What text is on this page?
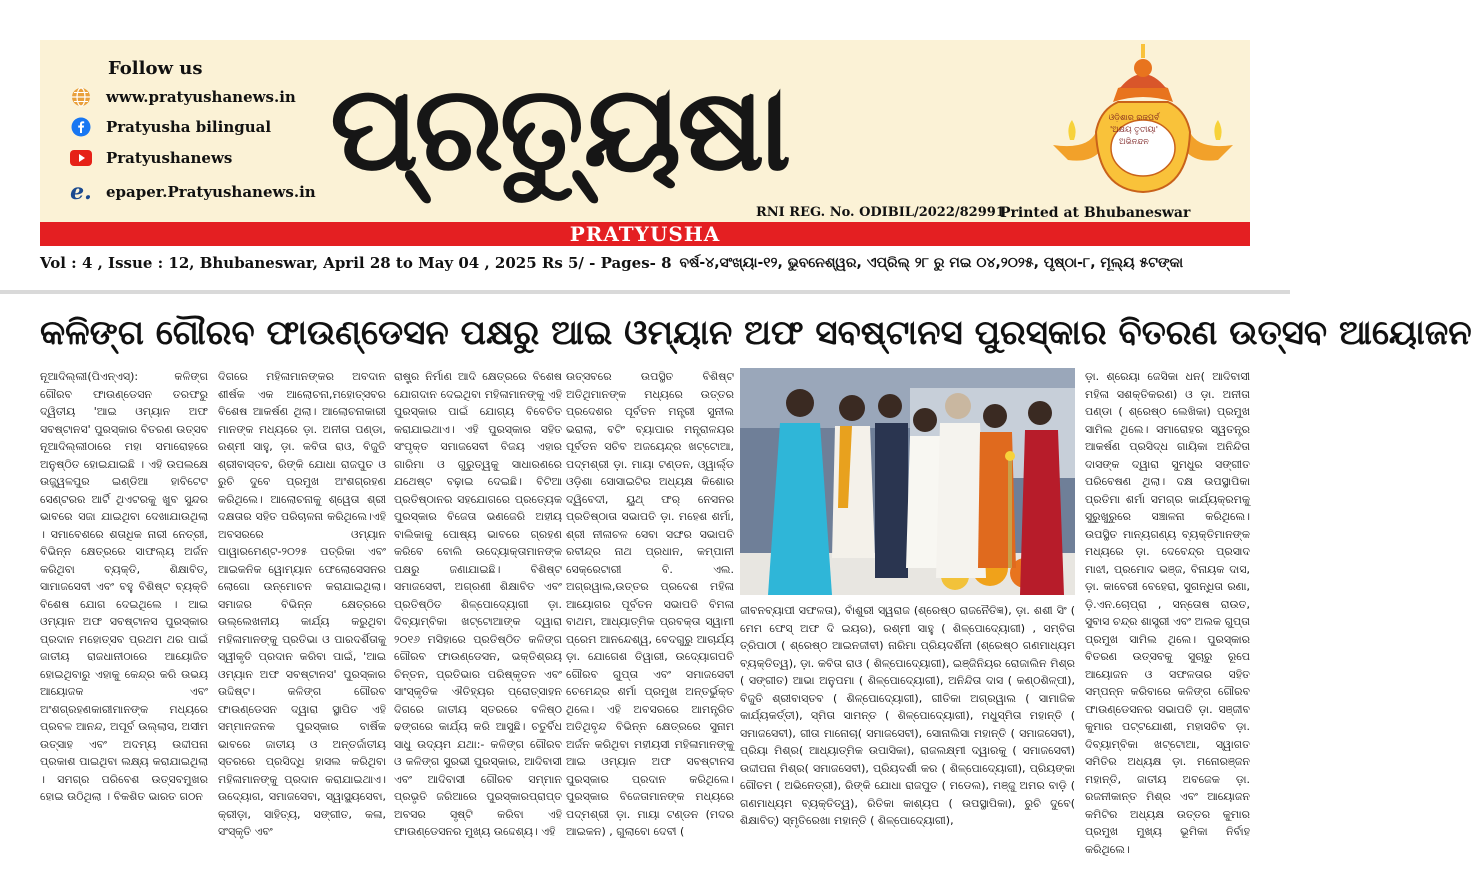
Follow us
www.pratyushanews.in
Pratyusha bilingual
Pratyushanews
e. epaper.Pratyushanews.in ପ୍ରତ୍ୟୁଷା	ଓଡ଼ିଶାର ରଜପର୍ବ 'ଅକ୍ଷୟ ତୃତୀୟା' ଅଭିନନ୍ଦନ
PRATYUSHA
RNI REG. No. ODIBIL/2022/82991
Printed at Bhubaneswar
Vol : 4 , Issue : 12, Bhubaneswar, April 28 to May 04 , 2025 Rs 5/ - Pages- 8 ବର୍ଷ-୪,ସଂଖ୍ୟା-୧୨, ଭୁବନେଶ୍ୱର, ଏପ୍ରିଲ୍ ୨୮ ରୁ ମଇ ୦୪,୨୦୨୫, ପୃଷ୍ଠା-୮, ମୂଲ୍ୟ ୫ଟଙ୍କା
କଳିଙ୍ଗ ଗୌରବ ଫାଉଣ୍ଡେସନ ପକ୍ଷରୁ ଆଇ ଓମ୍ୟାନ ଅଫ ସବଷ୍ଟାନସ ପୁରସ୍କାର ବିତରଣ ଉତ୍ସବ ଆୟୋଜନ
ନୂଆଦିଲ୍ଲୀ(ପିଏନ୍ଏସ୍): କଳିଙ୍ଗ ଗୌରବ ଫାଉଣ୍ଡେସନ ତରଫରୁ ଦ୍ୱିତୀୟ 'ଆଇ ଓମ୍ୟାନ ଅଫ ସବଷ୍ଟାନସ' ପୁରସ୍କାର ବିତରଣ ଉତ୍ସବ ନୂଆଦିଲ୍ଲୀଠାରେ ମହା ସମାରୋହରେ ଅନୁଷ୍ଠିତ ହୋଇଯାଇଛି । ଏହି ଉପଲକ୍ଷେ ଉଜ୍ଜ୍ୱଳପୁର ଇଣ୍ଡିଆ ହାବିଟେଟ ସେଣ୍ଟରର ଆର୍ଟି ଥିଏଟରକୁ ଖୁବ ସୁନ୍ଦର ଭାବରେ ସଜା ଯାଇଥିବା ଦେଖାଯାଉଥିଲା । ସମାବେଶରେ ଶତାଧିକ ନାରୀ ନେତ୍ରୀ, ବିଭିନ୍ନ କ୍ଷେତ୍ରରେ ସାଫଲ୍ୟ ଅର୍ଜନ କରିଥିବା ବ୍ୟକ୍ତି, ଶିକ୍ଷାବିତ୍, ସାମାଜସେବୀ ଏବଂ ବହୁ ବିଶିଷ୍ଟ ବ୍ୟକ୍ତି ବିଶେଷ ଯୋଗ ଦେଇଥିଲେ । ଆଇ ଓମ୍ୟାନ ଅଫ ସବଷ୍ଟାନସ ପୁରସ୍କାର ପ୍ରଦାନ ମହୋତ୍ସବ ପ୍ରଥମ ଥର ପାଇଁ ଜାତୀୟ ରାଜଧାନୀଠାରେ ଆୟୋଜିତ ହୋଇଥିବାରୁ ଏହାକୁ କେନ୍ଦ୍ର କରି ଉଭୟ ଆୟୋଜକ ଏବଂ ଅଂଶଗ୍ରହଣକାରୀମାନଙ୍କ ମଧ୍ୟରେ ପ୍ରବଳ ଆନନ୍ଦ, ଅପୂର୍ବ ଉଲ୍ଲାସ, ଅସୀମ ଉତ୍ସାହ ଏବଂ ଅଦମ୍ୟ ଉଦ୍ଦୀପନା ପ୍ରକାଶ ପାଇଥିବା ଲକ୍ଷ୍ୟ କରାଯାଇଥିଲା । ସମଗ୍ର ପରିବେଶ ଉତ୍ସବମୁଖର ହୋଇ ଉଠିଥିଲା । ବିକଶିତ ଭାରତ ଗଠନ
ଦିଗରେ ମହିଳାମାନଙ୍କର ଅବଦାନ ଶୀର୍ଷକ ଏକ ଆଲୋଚନା,ମହୋତ୍ସବର ବିଶେଷ ଆକର୍ଷଣ ଥିଲା। ଆଲୋଚନାକାରୀ ମାନଙ୍କ ମଧ୍ୟରେ ଡ଼ା. ଅନୀତା ପଣ୍ଡା, ରଶ୍ମୀ ସାହୁ, ଡ଼ା. କବିତା ରାଓ, ବିଜୁତି ଶ୍ରୀବାସ୍ତବ, ରିଙ୍କି ଯୋଧା ରାଜପୁତ ଓ ରୁଚି ଦୁବେ ପ୍ରମୁଖ ଅଂଶଗ୍ରହଣ କରିଥିଲେ। ଆଲୋଚନାକୁ ଶ୍ୱେତା ଶ୍ରୀ ଦକ୍ଷତାର ସହିତ ପରିଚାଳନା କରିଥିଲେ।ଏହି ଅବସରରେ ଓମ୍ୟାନ ପାୱାରମେଣ୍ଟ-୨୦୨୫ ପତ୍ରିକା ଏବଂ ଆଇକନିକ ୱୋମ୍ୟାନ ଫେଲୋସେସନର ଲୋଗୋ ଉନ୍ମୋଚନ କରାଯାଇଥିଲା। ସମାଜର ବିଭିନ୍ନ କ୍ଷେତ୍ରରେ ଉଲ୍ଲେଖନୀୟ କାର୍ଯ୍ୟ କରୁଥିବା ମହିଳାମାନଙ୍କୁ ପ୍ରତିଭା ଓ ପାରଦର୍ଶିତାକୁ ସ୍ୱୀକୃତି ପ୍ରଦାନ କରିବା ପାଇଁ, 'ଆଇ ଓମ୍ୟାନ ଅଫ ସବଷ୍ଟାନସ' ପୁରସ୍କାର ଉଦ୍ଦିଷ୍ଟ। କଳିଙ୍ଗ ଗୌରବ ଫାଉଣ୍ଡେସନ ଦ୍ୱାରା ସ୍ଥାପିତ ଏହି ସମ୍ମାନଜନକ ପୁରସ୍କାର ବାର୍ଷିକ ଭାବରେ ଜାତୀୟ ଓ ଅନ୍ତର୍ଜାତୀୟ ସ୍ତରରେ ପ୍ରସିଦ୍ଧି ହାସଲ କରିଥିବା ମହିଳାମାନଙ୍କୁ ପ୍ରଦାନ କରାଯାଇଥାଏ। ଉଦ୍ୟୋଗ, ସମାଜସେବା, ସ୍ୱାସ୍ଥ୍ୟସେବା, କ୍ରୀଡ଼ା, ସାହିତ୍ୟ, ସଙ୍ଗୀତ, କଳା, ସଂସ୍କୃତି ଏବଂ
ରାଷ୍ଟ୍ର ନିର୍ମାଣ ଆଦି କ୍ଷେତ୍ରରେ ବିଶେଷ ଯୋଗଦାନ ଦେଇଥିବା ମହିଳାମାନଙ୍କୁ ଏହି ପୁରସ୍କାର ପାଇଁ ଯୋଗ୍ୟ ବିବେଚିତ କରାଯାଇଥାଏ। ଏହି ପୁରସ୍କାର ସହିତ ସଂପୃକ୍ତ ସମାଜସେବୀ ବିଜୟ ଏହାର ଗାରିମା ଓ ଗୁରୁତ୍ୱକୁ ସାଧାରଣରେ ଯଥେଷ୍ଟ ବଢ଼ାଇ ଦେଇଛି। ବିଟିଆ ପ୍ରତିଷ୍ଠାନର ସହଯୋଗରେ ପ୍ରତ୍ୟେକ ପୁରସ୍କାର ବିଜେତା ଭଣଜେରି ଅହୀୟ ବାଲିକାକୁ ପୋଷ୍ୟ ଭାବରେ ଗ୍ରହଣ କରିବେ ବୋଲି ଉଦ୍ୟୋକ୍ତାମାନଙ୍କ ପକ୍ଷରୁ ଜଣାଯାଇଛି। ବିଶିଷ୍ଟ ସମାଜସେବୀ, ଅଗ୍ରଣୀ ଶିକ୍ଷାବିତ ଏବଂ ପ୍ରତିଷ୍ଠିତ ଶିଳ୍ପୋଦ୍ୟୋଗୀ ଡ଼ା. ଦିବ୍ୟାମ୍ବିକା ଖଟ୍ଟୋଆଙ୍କ ଦ୍ୱାରା ୨୦୧୬ ମସିହାରେ ପ୍ରତିଷ୍ଠିତ କଳିଙ୍ଗ ଗୌରବ ଫାଉଣ୍ଡେସନ, ଭକ୍ତିଶ୍ରୟ ଚିନ୍ତନ, ପ୍ରତିଭାର ପରିଷ୍କୃତନ ଏବଂ ସାଂସ୍କୃତିକ ଐତିହ୍ୟର ପ୍ରୋତ୍ସାହନ ଦିଗରେ ଜାତୀୟ ସ୍ତରରେ ବଳିଷ୍ଠ ଢଙ୍ଗରେ କାର୍ଯ୍ୟ କରି ଆସୁଛି। ଚତୁର୍ବିଧ ସାଧୁ ଉଦ୍ୟମ ଯଥା:- କଳିଙ୍ଗ ଗୌରବ ଓ କଳିଙ୍ଗ ସୁରଭୀ ପୁରସ୍କାର, ଆଦିବାସୀ ଏବଂ ଆଦିବାସୀ ଗୌରବ ସମ୍ମାନ ପ୍ରଭୃତି ଜରିଆରେ ପୁରସ୍କାରପ୍ରାପ୍ତ ଅବସର ସୃଷ୍ଟି କରିବା ଏହି ଫାଉଣ୍ଡେସନର ମୁଖ୍ୟ ଉଦ୍ଦେଶ୍ୟ। ଏହି
ଉତ୍ସବରେ ଉପସ୍ଥିତ ବିଶିଷ୍ଟ ଅତିଥିମାନଙ୍କ ମଧ୍ୟରେ ଉତ୍ତର ପ୍ରଦେଶର ପୂର୍ବତନ ମନ୍ତ୍ରୀ ସୁନୀଲ ଭରାଲା, ବଟିଂ ବ୍ୟାପାର ମନ୍ତ୍ରାଳୟର ପୂର୍ବତନ ସଚିବ ଅଜୟେନ୍ଦ୍ର ଖଟ୍ଟୋଆ, ପଦ୍ମଶ୍ରୀ ଡ଼ା. ମାୟା ଟଣ୍ଡନ, ଓ୍ୱାର୍ଲ୍ଡ ଓଡ଼ିଶା ସୋସାଇଟିର ଅଧ୍ୟକ୍ଷ କିଶୋର ଦ୍ୱିବେଦୀ, ୟୁଥ୍ ଫର୍ ନେସନର ପ୍ରତିଷ୍ଠାତା ସଭାପତି ଡ଼ା. ମହେଶ ଶର୍ମା, ଶ୍ରୀ ନୀଳାଚଳ ସେବା ସଙ୍ଘର ସଭାପତି ରବୀନ୍ଦ୍ର ନାଥ ପ୍ରଧାନ, କମ୍ପାନୀ ସେକ୍ରେଟାରୀ ବି. ଏଲ. ଅଗ୍ରୱାଲ,ଉତ୍ତର ପ୍ରଦେଶ ମହିଳା ଆୟୋଗର ପୂର୍ବତନ ସଭାପତି ବିମଳା ବାଥମ, ଆଧ୍ୟାତ୍ମିକ ପ୍ରବକ୍ତା ସ୍ୱାମୀ ପ୍ରେମ ଆନନ୍ଦେଶ୍ୱ, ବେଦଗୁରୁ ଆଚାର୍ଯ୍ୟ ଡ଼ା. ଯୋଗେଶ ତିୱାରୀ, ଉଦ୍ୟୋଗପତି ଗୌରବ ଗୁପ୍ତା ଏବଂ ସମାଜସେବୀ ଚେମେନ୍ଦ୍ର ଶର୍ମା ପ୍ରମୁଖ ଅନ୍ତର୍ଭୁକ୍ତ ଥିଲେ। ଏହି ଅବସରରେ ଆମନ୍ତ୍ରିତ ଅତିଥିବୃନ୍ଦ ବିଭିନ୍ନ କ୍ଷେତ୍ରରେ ସୁନାମ ଅର୍ଜନ କରିଥିବା ମହୀୟସୀ ମହିଳାମାନଙ୍କୁ ଆଇ ଓମ୍ୟାନ ଅଫ ସବଷ୍ଟାନସ ପୁରସ୍କାର ପ୍ରଦାନ କରିଥିଲେ। ପୁରସ୍କାର ବିଜେତାମାନଙ୍କ ମଧ୍ୟରେ ପଦ୍ମଶ୍ରୀ ଡ଼ା. ମାୟା ଟଣ୍ଡନ (ମଦର ଆଇକନ) , ଗୁଲାବୋ ଦେବୀ (
ଜୀବନବ୍ୟାପୀ ସଫଳତା), ବାଁଶୁରୀ ସ୍ୱରାଜ (ଶ୍ରେଷ୍ଠ ରାଜନୈତିଜ୍ଞ), ଡ଼ା. ଶଶୀ ସିଂ ( ମେମ ଫେସ୍ ଅଫ ଦି ଇୟର), ରଶ୍ମୀ ସାହୁ ( ଶିଳ୍ପୋଦ୍ୟୋଗୀ) , ସମ୍ବିତା ତ୍ରିପାଠୀ ( ଶ୍ରେଷ୍ଠ ଆଇନଜୀବୀ) ନାରିମା ପ୍ରିୟଦର୍ଶିନୀ (ଶ୍ରେଷ୍ଠ ଗଣମାଧ୍ୟମ ବ୍ୟକ୍ତିତ୍ୱ), ଡ଼ା. କବିତା ରାଓ ( ଶିଳ୍ପୋଦ୍ୟୋଗୀ), ଇଞ୍ଜିନିୟର ରୋଜାଲିନ ମିଶ୍ର ( ସଙ୍ଗୀତ) ଆଭା ଅନୁପମା ( ଶିଳ୍ପୋଦ୍ୟୋଗୀ), ଅନିନ୍ଦିତା ଦାସ ( କଣ୍ଠଶିଳ୍ପୀ), ବିଜୁତି ଶ୍ରୀବାସ୍ତବ ( ଶିଳ୍ପୋଦ୍ୟୋଗୀ), ଗୀତିକା ଅଗ୍ରୱାଲ ( ସାମାଜିକ କାର୍ଯ୍ୟକର୍ତ୍ତୀ), ସ୍ମିତା ସାମନ୍ତ ( ଶିଳ୍ପୋଦ୍ୟୋଗୀ), ମଧୁସ୍ମିତା ମହାନ୍ତି ( ସମାଜସେବୀ), ଗୀତା ମାନୋଚା( ସମାଜସେବୀ), ସୋନାଲିସା ମହାନ୍ତି ( ସମାଜସେବୀ), ପ୍ରିୟା ମିଶ୍ର( ଆଧ୍ୟାତ୍ମିକ ଉପାସିକା), ରାଜଲକ୍ଷ୍ମୀ ଦ୍ୱାରକୁ ( ସମାଜସେବୀ) ଉଦ୍ଦୀପନା ମିଶ୍ର( ସମାଜସେବୀ), ପ୍ରିୟଦର୍ଶୀ କର ( ଶିଳ୍ପୋଦ୍ୟୋଗୀ), ପ୍ରିୟଙ୍କା ଗୌତମ ( ଅଭିନେତ୍ରୀ), ରିଙ୍କି ଯୋଧା ରାଜପୁତ ( ମଡେଲ), ମଞ୍ଜୁ ଅମର ବାଡ଼ି ( ଗଣମାଧ୍ୟମ ବ୍ୟକ୍ତିତ୍ୱ), ରିତିକା କାଶ୍ୟପ ( ଉପସ୍ଥାପିକା), ରୁଚି ଦୁବେ( ଶିକ୍ଷାବିତ୍) ସ୍ମୃତିରେଖା ମହାନ୍ତି ( ଶିଳ୍ପୋଦ୍ୟୋଗୀ),
ଡ଼ା. ଶ୍ରେୟା ଜେସିକା ଧନ( ଆଦିବାସୀ ମହିଳା ସଶକ୍ତିକରଣ) ଓ ଡ଼ା. ଅନୀତା ପଣ୍ଡା ( ଶ୍ରେଷ୍ଠ ଲେଖିକା) ପ୍ରମୁଖ ସାମିଲ ଥିଲେ। ସମାରୋହର ସ୍ୱତନ୍ତ୍ର ଆକର୍ଷଣ ପ୍ରସିଦ୍ଧ ଗାୟିକା ଅନିନ୍ଦିତା ଦାସଙ୍କ ଦ୍ୱାରା ସୁମଧୁର ସଙ୍ଗୀତ ପରିବେଷଣ ଥିଲା। ଦକ୍ଷ ଉପସ୍ଥାପିକା ପ୍ରତିମା ଶର୍ମା ସମଗ୍ର କାର୍ଯ୍ୟକ୍ରମକୁ ସୁରୁଖୁରୁରେ ସଞ୍ଚାଳନା କରିଥିଲେ। ଉପସ୍ଥିତ ମାନ୍ୟଗଣ୍ୟ ବ୍ୟକ୍ତିମାନଙ୍କ ମଧ୍ୟରେ ଡ଼ା. ଦେବେନ୍ଦ୍ର ପ୍ରସାଦ ମାଝୀ, ପ୍ରମୋଦ ଭଞ୍ଜ, ବିନାୟକ ଦାସ, ଡ଼ା. କାବେରୀ ବେହେରା, ସୁଗନ୍ଧିତା ରଣା, ଡ଼ି.ଏନ.ଚୋପ୍ରା , ସନ୍ତୋଷ ରାଉତ, ସୁବାସ ଚନ୍ଦ୍ର ଶାସ୍ତ୍ରୀ ଏବଂ ଅଲକ ଗୁପ୍ତା ପ୍ରମୁଖ ସାମିଲ ଥିଲେ। ପୁରସ୍କାର ବିତରଣ ଉତ୍ସବକୁ ସୁଚାରୁ ରୂପେ ଆୟୋଜନ ଓ ସଫଳତାର ସହିତ ସମ୍ପନ୍ନ କରିବାରେ କଳିଙ୍ଗ ଗୌରବ ଫାଉଣ୍ଡେସନର ସଭାପତି ଡ଼ା. ସଞ୍ଜୀବ କୁମାର ପଟ୍ଟଯୋଶୀ, ମହାସଚିବ ଡ଼ା. ଦିବ୍ୟାମ୍ବିକା ଖଟ୍ଟୋଆ, ସ୍ୱାଗତ ସମିତିର ଅଧ୍ୟକ୍ଷ ଡ଼ା. ମନୋରଞ୍ଜନ ମହାନ୍ତି, ଜାତୀୟ ଅବଜେକ ଡ଼ା. ରଜନୀକାନ୍ତ ମିଶ୍ର ଏବଂ ଆୟୋଜନ କମିଟିର ଅଧ୍ୟକ୍ଷ ଉତ୍ତର କୁମାର ପ୍ରମୁଖ ମୁଖ୍ୟ ଭୂମିକା ନିର୍ବାହ କରିଥିଲେ।
